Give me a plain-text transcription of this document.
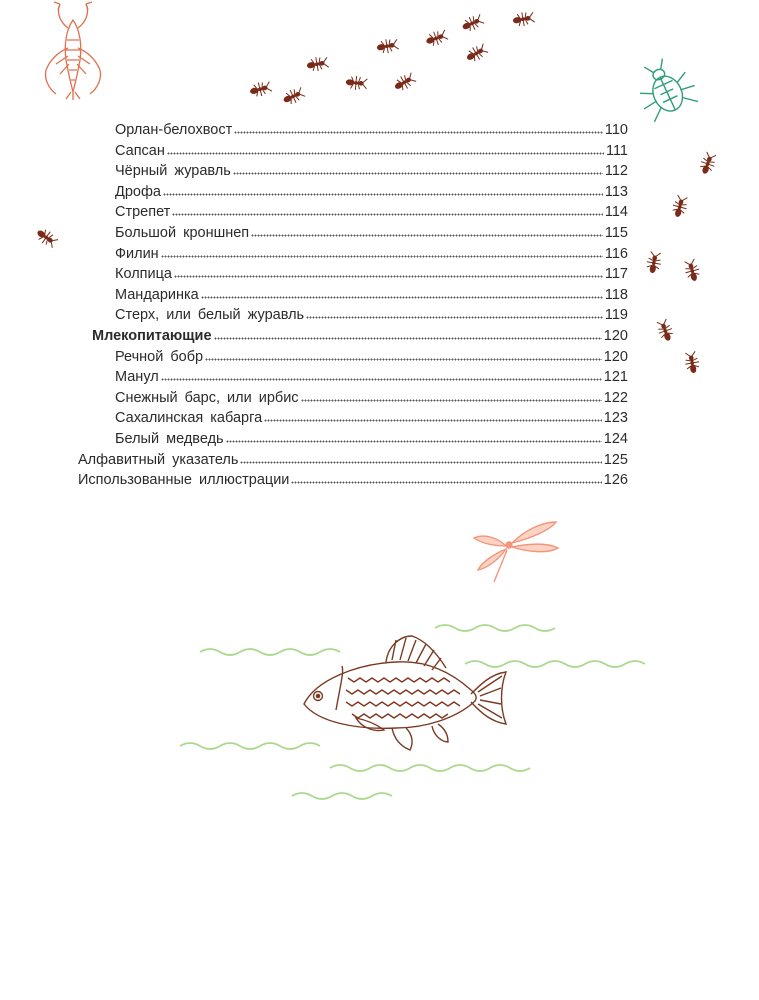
Орлан-белохвост	110
Сапсан	111
Чёрный журавль	112
Дрофа	113
Стрепет	114
Большой кроншнеп	115
Филин	116
Колпица	117
Мандаринка	118
Стерх, или белый журавль	119
Млекопитающие	120
Речной бобр	120
Манул	121
Снежный барс, или ирбис	122
Сахалинская кабарга	123
Белый медведь	124
Алфавитный указатель	125
Использованные иллюстрации	126
